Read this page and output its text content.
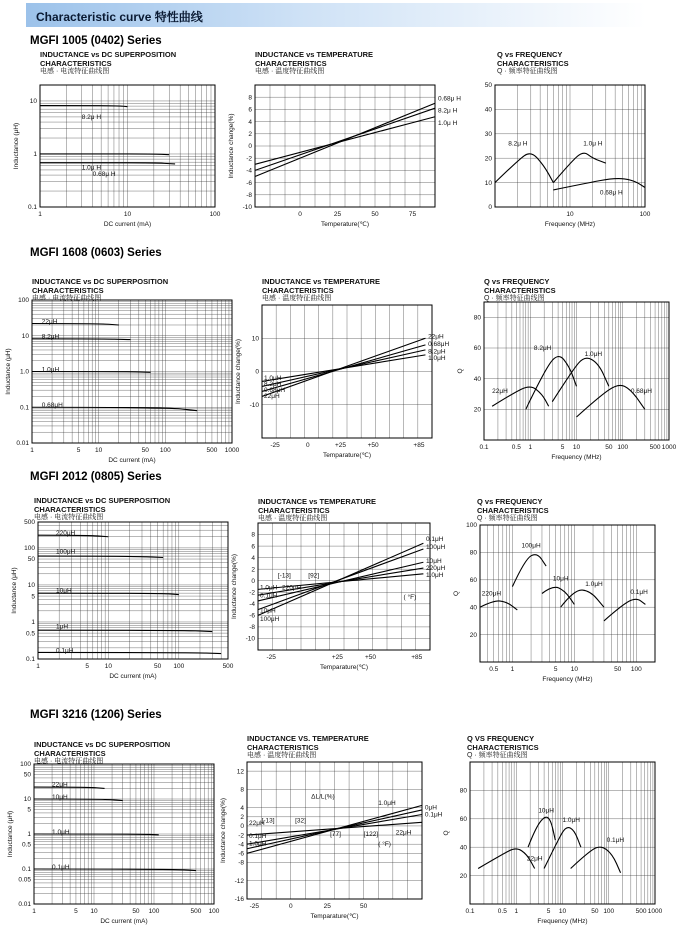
Characteristic curve 特性曲线
MGFI 1005 (0402) Series
INDUCTANCE vs DC SUPERPOSITION
CHARACTERISTICS
电感 · 电流特征曲线图
1	10	100
0.1
1
10
DC current (mA)
Inductance (μH)
8.2μ H
1.0μ H
0.68μ H
INDUCTANCE vs TEMPERATURE
CHARACTERISTICS
电感 · 温度特征曲线图
0	25	50	75
-10
-8
-6
-4
-2
0
2
4
6
8
Temperature(℃)
Inductance change(%)
0.68μ H
8.2μ H
1.0μ H
Q vs FREQUENCY
CHARACTERISTICS
Q · 频率特征曲线图
10	100
0
10
20
30
40
50
Frequency (MHz)
8.2μ H	1.0μ H
0.68μ H
MGFI 1608 (0603) Series
INDUCTANCE vs DC SUPERPOSITION
CHARACTERISTICS
电感 · 电流特征曲线图
1	5 10	50 100	500 1000
0.01
0.1
1.0
10
100
DC current (mA)
Inductance (μH)
22μH
8.2μH
1.0μH
0.68μH
INDUCTANCE vs TEMPERATURE
CHARACTERISTICS
电感 · 温度特征曲线图
-25	0	+25	+50	+85
-10
0
10
Temparature(℃)
Inductance change(%)
22μH
0.68μH
8.2μH
1.0μH
1.0μH
8.2μH
0.68μH
22μH
Q vs FREQUENCY
CHARACTERISTICS
Q · 频率特征曲线图
0.1	0.5 1	5 10	50 100	500 1000
20
40
60
80
Frequency (MHz)
Q
22μH
8.2μH
1.0μH
0.68μH
MGFI 2012 (0805) Series
INDUCTANCE vs DC SUPERPOSITION
CHARACTERISTICS
电感 · 电流特征曲线图
1	5 10	50 100	500
0.1
0.5
1
5
10
50
100
500
DC current (mA)
Inductance (μH)
220μH
100μH
10μH
1μH
0.1μH
INDUCTANCE vs TEMPERATURE
CHARACTERISTICS
电感 · 温度特征曲线图
-25	+25	+50	+85
-10
-8
-6
-4
-2
0
2
4
6
8
Temparature(℃)
Inductance change(%)
0.1μH
100μH
10μH
220μH
1.0μH
1.0μH 220μH
0.1μH
10μH
100μH
[-13]	[92]
( °F)
Q vs FREQUENCY
CHARACTERISTICS
Q · 频率特征曲线图
0.5 1	5 10	50 100
20
40
60
80
100
Frequency (MHz)
Q
100μH
220μH
10μH
1.0μH
0.1μH
MGFI 3216 (1206) Series
INDUCTANCE vs DC SUPERPOSITION
CHARACTERISTICS
电感 · 电流特征曲线图
1	5 10	50 100	500 100
0.01
0.05
0.1
0.5
1
5
10
50
100
DC current (mA)
Inductance (μH)
22μH
10μH
1.0μH
0.1μH
INDUCTANCE VS. TEMPERATURE
CHARACTERISTICS
电感 · 温度特征曲线图
-25	0	25	50
-16
-12
-8
-6
-4
-2
0
2
4
8
12
Temparature(℃)
Inductance change(%)	1.0μH
0μH
0.1μH
22μH
22μH
0.1μH
1.0μH
ΔL/L(%)
[-13]	[32]
[77]	[122]
( °F)
Q VS FREQUENCY
CHARACTERISTICS
Q · 频率特征曲线图
0.1	0.5 1	5 10	50 100	500 1000
20
40
60
80
Frequency (MHz)
Q
10μH
1.0μH
22μH
0.1μH
